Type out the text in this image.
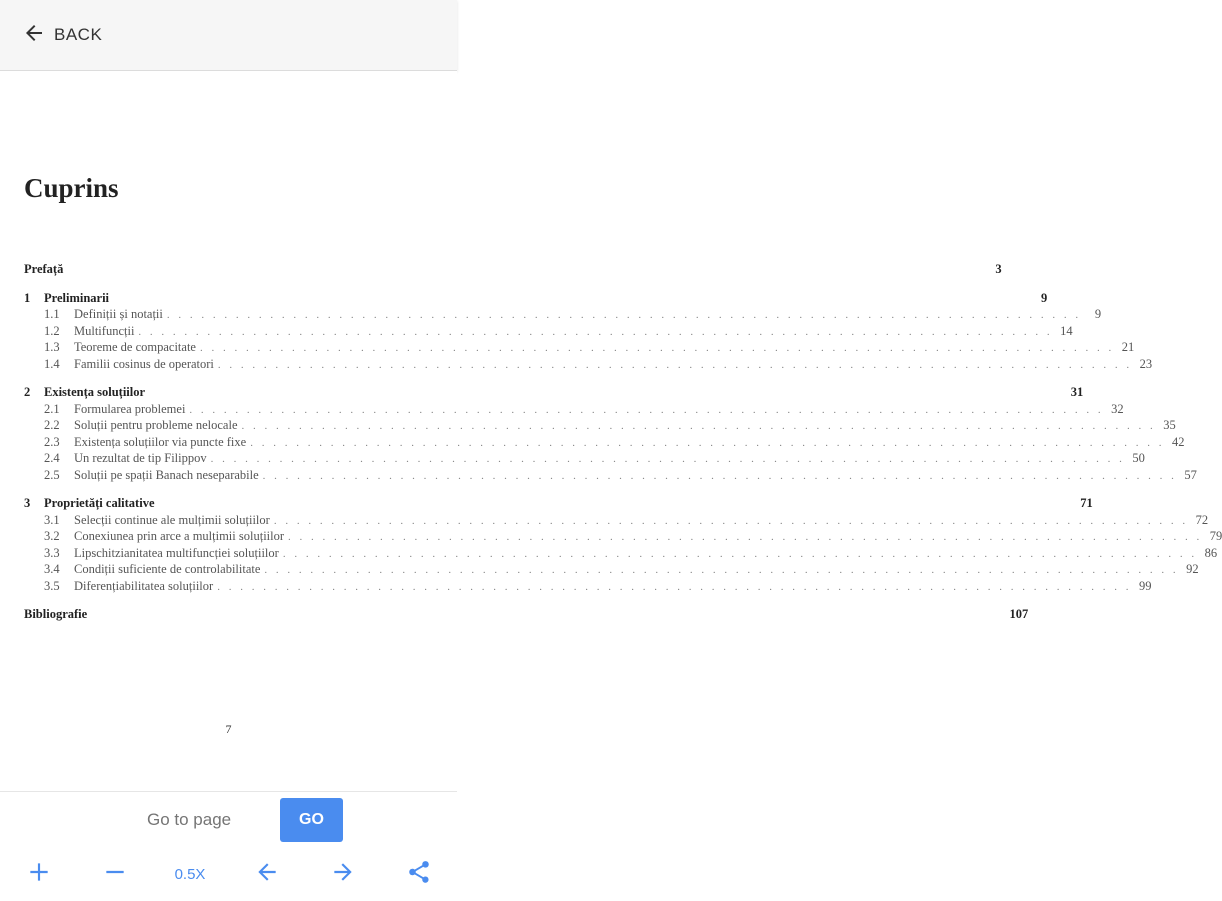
BACK
Cuprins
Prefață	3
1	Preliminarii	9
1.1	Definiții și notații . . . . . . . . . . . . . . . . . . . . . . . . . . . . . . . . . . . . . . . . . . . . . . . . . . . . . . . . . . . . . . . . . . . . . . . . . . . . . . . .	9
1.2	Multifuncții . . . . . . . . . . . . . . . . . . . . . . . . . . . . . . . . . . . . . . . . . . . . . . . . . . . . . . . . . . . . . . . . . . . . . . . . . . . . . . . . 14
1.3	Teoreme de compacitate . . . . . . . . . . . . . . . . . . . . . . . . . . . . . . . . . . . . . . . . . . . . . . . . . . . . . . . . . . . . . . . . . . . . . . . . . . . . . . . . 21
1.4	Familii cosinus de operatori . . . . . . . . . . . . . . . . . . . . . . . . . . . . . . . . . . . . . . . . . . . . . . . . . . . . . . . . . . . . . . . . . . . . . . . . . . . . . . . . 23
2	Existența soluțiilor	31
2.1	Formularea problemei . . . . . . . . . . . . . . . . . . . . . . . . . . . . . . . . . . . . . . . . . . . . . . . . . . . . . . . . . . . . . . . . . . . . . . . . . . . . . . . . 32
2.2	Soluții pentru probleme nelocale . . . . . . . . . . . . . . . . . . . . . . . . . . . . . . . . . . . . . . . . . . . . . . . . . . . . . . . . . . . . . . . . . . . . . . . . . . . . . . . . 35
2.3	Existența soluțiilor via puncte fixe . . . . . . . . . . . . . . . . . . . . . . . . . . . . . . . . . . . . . . . . . . . . . . . . . . . . . . . . . . . . . . . . . . . . . . . . . . . . . . . . 42
2.4	Un rezultat de tip Filippov . . . . . . . . . . . . . . . . . . . . . . . . . . . . . . . . . . . . . . . . . . . . . . . . . . . . . . . . . . . . . . . . . . . . . . . . . . . . . . . . 50
2.5	Soluții pe spații Banach neseparabile . . . . . . . . . . . . . . . . . . . . . . . . . . . . . . . . . . . . . . . . . . . . . . . . . . . . . . . . . . . . . . . . . . . . . . . . . . . . . . . . 57
3	Proprietăți calitative	71
3.1	Selecții continue ale mulțimii soluțiilor . . . . . . . . . . . . . . . . . . . . . . . . . . . . . . . . . . . . . . . . . . . . . . . . . . . . . . . . . . . . . . . . . . . . . . . . . . . . . . . . 72
3.2	Conexiunea prin arce a mulțimii soluțiilor . . . . . . . . . . . . . . . . . . . . . . . . . . . . . . . . . . . . . . . . . . . . . . . . . . . . . . . . . . . . . . . . . . . . . . . . . . . . . . . . 79
3.3	Lipschitzianitatea multifuncției soluțiilor . . . . . . . . . . . . . . . . . . . . . . . . . . . . . . . . . . . . . . . . . . . . . . . . . . . . . . . . . . . . . . . . . . . . . . . . . . . . . . . . 86
3.4	Condiții suficiente de controlabilitate . . . . . . . . . . . . . . . . . . . . . . . . . . . . . . . . . . . . . . . . . . . . . . . . . . . . . . . . . . . . . . . . . . . . . . . . . . . . . . . . 92
3.5	Diferențiabilitatea soluțiilor . . . . . . . . . . . . . . . . . . . . . . . . . . . . . . . . . . . . . . . . . . . . . . . . . . . . . . . . . . . . . . . . . . . . . . . . . . . . . . . . 99
Bibliografie	107
7
Go to page	GO
0.5X
